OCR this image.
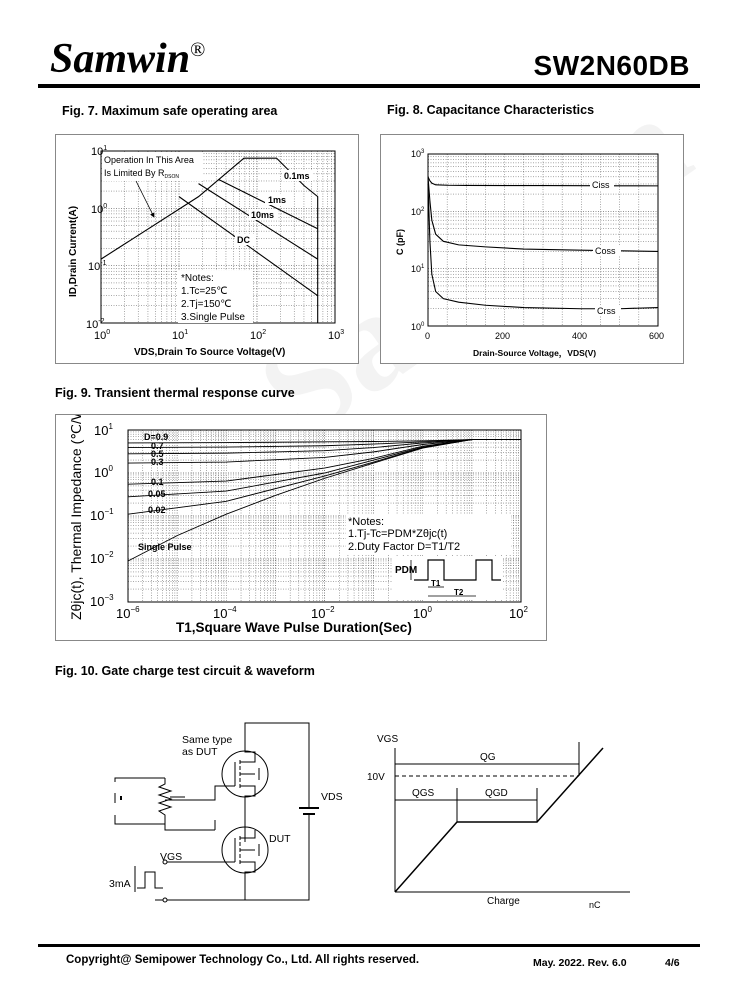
Samwin®	SW2N60DB
Fig. 7. Maximum safe operating area	Fig. 8. Capacitance Characteristics
Fig. 9. Transient thermal response curve
Fig. 10. Gate charge test circuit & waveform
$10^1$
$10^0$
$10^{-1}$
$10^{-2}$
$10^0$	$10^1$	$10^2$	$10^3$
Operation In This Area
Is Limited By $R_{DSON}$	0.1ms
1ms
10ms
DC
*Notes:
1.Tc=25℃
2.Tj=150℃
3.Single Pulse
VDS,Drain To Source Voltage(V)
ID,Drain Current(A)
$10^3$
$10^2$
$10^1$
$10^0$
0	200	400	600
Ciss
Coss
Crss
Drain-Source Voltage，VDS(V)
C (pF)
$10^1$
$10^0$
$10^{-1}$
$10^{-2}$
$10^{-3}$
$10^{-6}$	$10^{-4}$	$10^{-2}$	$10^0$	$10^2$
D=0.9
0.7
0.5
0.3
0.1
0.05
0.02
Single Pulse
*Notes:
1.Tj-Tc=PDM*Zθjc(t)
2.Duty Factor D=T1/T2
PDM
T1
T2
T1,Square Wave Pulse Duration(Sec)
Zθjc(t), Thermal Impedance (℃/W)
Same type
as DUT
VDS
DUT
VGS
3mA
VGS
10V
QG
QGS	QGD
Charge	nC
Copyright@ Semipower Technology Co., Ltd. All rights reserved.	May. 2022. Rev. 6.0	4/6
